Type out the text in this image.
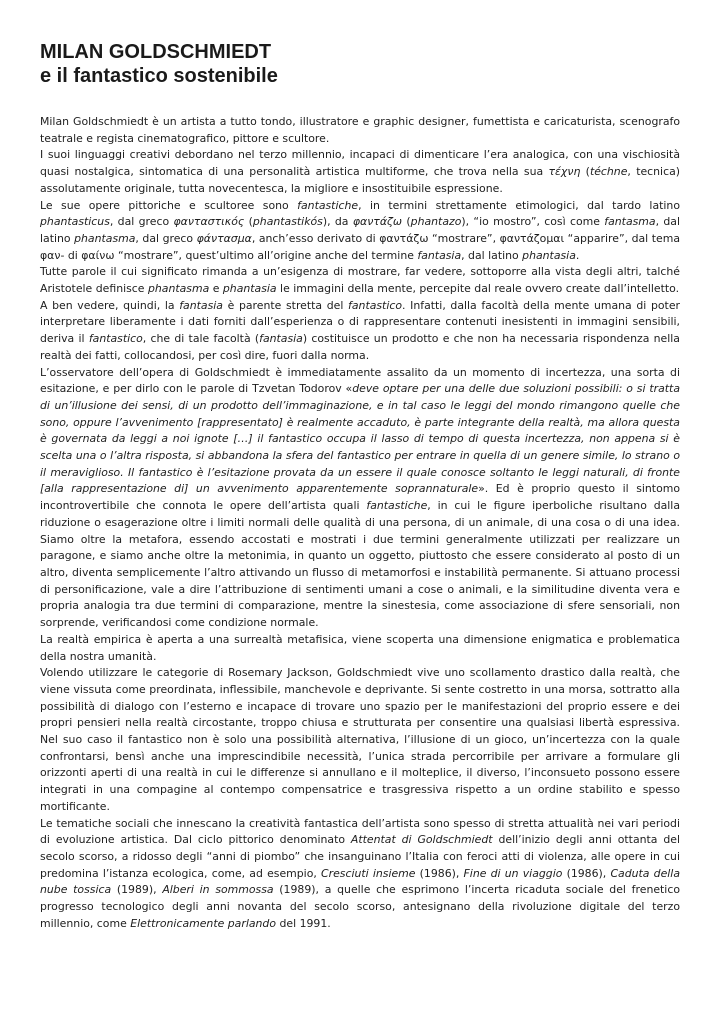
MILAN GOLDSCHMIEDT
e il fantastico sostenibile

Milan Goldschmiedt è un artista a tutto tondo, illustratore e graphic designer, fumettista e caricaturista, scenografo teatrale e regista cinematografico, pittore e scultore.

I suoi linguaggi creativi debordano nel terzo millennio, incapaci di dimenticare l’era analogica, con una vischiosità quasi nostalgica, sintomatica di una personalità artistica multiforme, che trova nella sua τέχνη (téchne, tecnica) assolutamente originale, tutta novecentesca, la migliore e insostituibile espressione.

Le sue opere pittoriche e scultoree sono fantastiche, in termini strettamente etimologici, dal tardo latino phantasticus, dal greco φανταστικός (phantastikós), da φαντάζω (phantazo), “io mostro”, così come fantasma, dal latino phantasma, dal greco φάντασμα, anch’esso derivato di φαντάζω “mostrare”, φαντάζομαι “apparire”, dal tema φαν- di φαίνω “mostrare”, quest’ultimo all’origine anche del termine fantasia, dal latino phantasia.

Tutte parole il cui significato rimanda a un’esigenza di mostrare, far vedere, sottoporre alla vista degli altri, talché Aristotele definisce phantasma e phantasia le immagini della mente, percepite dal reale ovvero create dall’intelletto.

A ben vedere, quindi, la fantasia è parente stretta del fantastico. Infatti, dalla facoltà della mente umana di poter interpretare liberamente i dati forniti dall’esperienza o di rappresentare contenuti inesistenti in immagini sensibili, deriva il fantastico, che di tale facoltà (fantasia) costituisce un prodotto e che non ha necessaria rispondenza nella realtà dei fatti, collocandosi, per così dire, fuori dalla norma.

L’osservatore dell’opera di Goldschmiedt è immediatamente assalito da un momento di incertezza, una sorta di esitazione, e per dirlo con le parole di Tzvetan Todorov «deve optare per una delle due soluzioni possibili: o si tratta di un’illusione dei sensi, di un prodotto dell’immaginazione, e in tal caso le leggi del mondo rimangono quelle che sono, oppure l’avvenimento [rappresentato] è realmente accaduto, è parte integrante della realtà, ma allora questa è governata da leggi a noi ignote […] il fantastico occupa il lasso di tempo di questa incertezza, non appena si è scelta una o l’altra risposta, si abbandona la sfera del fantastico per entrare in quella di un genere simile, lo strano o il meraviglioso. Il fantastico è l’esitazione provata da un essere il quale conosce soltanto le leggi naturali, di fronte [alla rappresentazione di] un avvenimento apparentemente soprannaturale». Ed è proprio questo il sintomo incontrovertibile che connota le opere dell’artista quali fantastiche, in cui le figure iperboliche risultano dalla riduzione o esagerazione oltre i limiti normali delle qualità di una persona, di un animale, di una cosa o di una idea. Siamo oltre la metafora, essendo accostati e mostrati i due termini generalmente utilizzati per realizzare un paragone, e siamo anche oltre la metonimia, in quanto un oggetto, piuttosto che essere considerato al posto di un altro, diventa semplicemente l’altro attivando un flusso di metamorfosi e instabilità permanente. Si attuano processi di personificazione, vale a dire l’attribuzione di sentimenti umani a cose o animali, e la similitudine diventa vera e propria analogia tra due termini di comparazione, mentre la sinestesia, come associazione di sfere sensoriali, non sorprende, verificandosi come condizione normale.

La realtà empirica è aperta a una surrealtà metafisica, viene scoperta una dimensione enigmatica e problematica della nostra umanità.

Volendo utilizzare le categorie di Rosemary Jackson, Goldschmiedt vive uno scollamento drastico dalla realtà, che viene vissuta come preordinata, inflessibile, manchevole e deprivante. Si sente costretto in una morsa, sottratto alla possibilità di dialogo con l’esterno e incapace di trovare uno spazio per le manifestazioni del proprio essere e dei propri pensieri nella realtà circostante, troppo chiusa e strutturata per consentire una qualsiasi libertà espressiva. Nel suo caso il fantastico non è solo una possibilità alternativa, l’illusione di un gioco, un’incertezza con la quale confrontarsi, bensì anche una imprescindibile necessità, l’unica strada percorribile per arrivare a formulare gli orizzonti aperti di una realtà in cui le differenze si annullano e il molteplice, il diverso, l’inconsueto possono essere integrati in una compagine al contempo compensatrice e trasgressiva rispetto a un ordine stabilito e spesso mortificante.

Le tematiche sociali che innescano la creatività fantastica dell’artista sono spesso di stretta attualità nei vari periodi di evoluzione artistica. Dal ciclo pittorico denominato Attentat di Goldschmiedt dell’inizio degli anni ottanta del secolo scorso, a ridosso degli “anni di piombo” che insanguinano l’Italia con feroci atti di violenza, alle opere in cui predomina l’istanza ecologica, come, ad esempio, Cresciuti insieme (1986), Fine di un viaggio (1986), Caduta della nube tossica (1989), Alberi in sommossa (1989), a quelle che esprimono l’incerta ricaduta sociale del frenetico progresso tecnologico degli anni novanta del secolo scorso, antesignano della rivoluzione digitale del terzo millennio, come Elettronicamente parlando del 1991.
